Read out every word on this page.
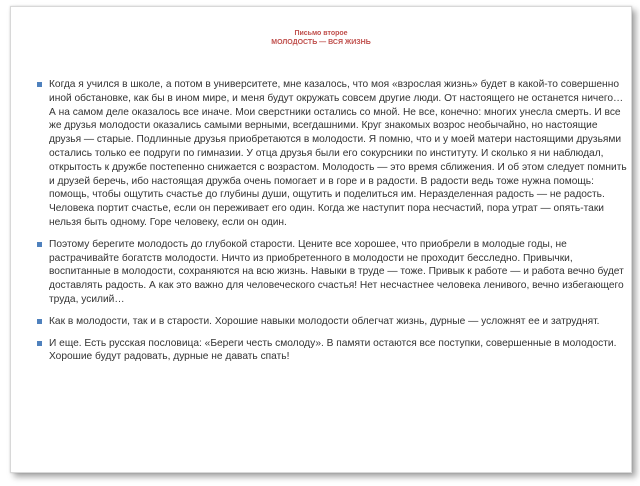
Письмо второе
МОЛОДОСТЬ — ВСЯ ЖИЗНЬ
Когда я учился в школе, а потом в университете, мне казалось, что моя «взрослая жизнь» будет в какой-то совершенно иной обстановке, как бы в ином мире, и меня будут окружать совсем другие люди. От настоящего не останется ничего… А на самом деле оказалось все иначе. Мои сверстники остались со мной. Не все, конечно: многих унесла смерть. И все же друзья молодости оказались самыми верными, всегдашними. Круг знакомых возрос необычайно, но настоящие друзья — старые. Подлинные друзья приобретаются в молодости. Я помню, что и у моей матери настоящими друзьями остались только ее подруги по гимназии. У отца друзья были его сокурсники по институту. И сколько я ни наблюдал, открытость к дружбе постепенно снижается с возрастом. Молодость — это время сближения. И об этом следует помнить и друзей беречь, ибо настоящая дружба очень помогает и в горе и в радости. В радости ведь тоже нужна помощь: помощь, чтобы ощутить счастье до глубины души, ощутить и поделиться им. Неразделенная радость — не радость. Человека портит счастье, если он переживает его один. Когда же наступит пора несчастий, пора утрат — опять-таки нельзя быть одному. Горе человеку, если он один.
Поэтому берегите молодость до глубокой старости. Цените все хорошее, что приобрели в молодые годы, не растрачивайте богатств молодости. Ничто из приобретенного в молодости не проходит бесследно. Привычки, воспитанные в молодости, сохраняются на всю жизнь. Навыки в труде — тоже. Привык к работе — и работа вечно будет доставлять радость. А как это важно для человеческого счастья! Нет несчастнее человека ленивого, вечно избегающего труда, усилий…
Как в молодости, так и в старости. Хорошие навыки молодости облегчат жизнь, дурные — усложнят ее и затруднят.
И еще. Есть русская пословица: «Береги честь смолоду». В памяти остаются все поступки, совершенные в молодости. Хорошие будут радовать, дурные не давать спать!
